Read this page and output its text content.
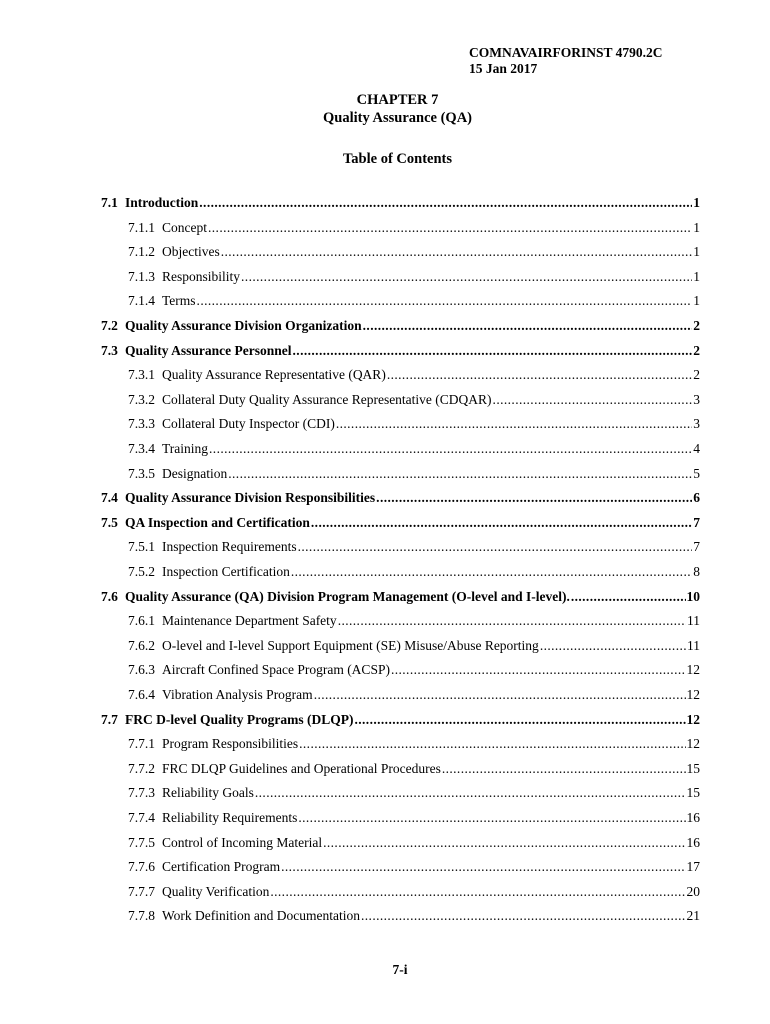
COMNAVAIRFORINST 4790.2C
15 Jan 2017
CHAPTER 7
Quality Assurance (QA)
Table of Contents
7.1 Introduction .....	1
7.1.1 Concept .....	1
7.1.2 Objectives .....	1
7.1.3 Responsibility .....	1
7.1.4 Terms .....	1
7.2 Quality Assurance Division Organization .....	2
7.3 Quality Assurance Personnel .....	2
7.3.1 Quality Assurance Representative (QAR) .....	2
7.3.2 Collateral Duty Quality Assurance Representative (CDQAR) .....	3
7.3.3 Collateral Duty Inspector (CDI) .....	3
7.3.4 Training .....	4
7.3.5 Designation .....	5
7.4 Quality Assurance Division Responsibilities .....	6
7.5 QA Inspection and Certification .....	7
7.5.1 Inspection Requirements .....	7
7.5.2 Inspection Certification .....	8
7.6 Quality Assurance (QA) Division Program Management (O-level and I-level). .....	10
7.6.1 Maintenance Department Safety .....	11
7.6.2 O-level and I-level Support Equipment (SE) Misuse/Abuse Reporting .....	11
7.6.3 Aircraft Confined Space Program (ACSP) .....	12
7.6.4 Vibration Analysis Program .....	12
7.7 FRC D-level Quality Programs (DLQP) .....	12
7.7.1 Program Responsibilities .....	12
7.7.2 FRC DLQP Guidelines and Operational Procedures .....	15
7.7.3 Reliability Goals .....	15
7.7.4 Reliability Requirements .....	16
7.7.5 Control of Incoming Material .....	16
7.7.6 Certification Program .....	17
7.7.7 Quality Verification .....	20
7.7.8 Work Definition and Documentation .....	21
7-i
